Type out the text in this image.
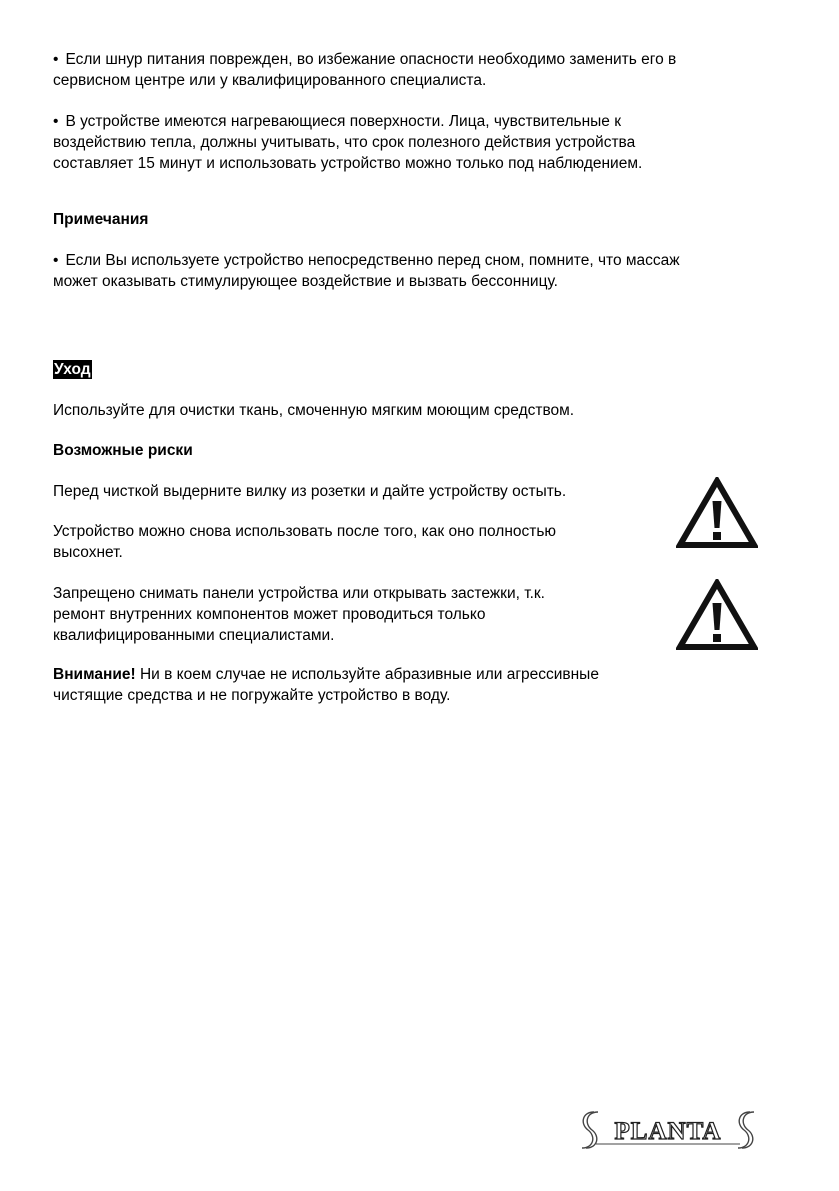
• Если шнур питания поврежден, во избежание опасности необходимо заменить его в

сервисном центре или у квалифицированного специалиста.

• В устройстве имеются нагревающиеся поверхности. Лица, чувствительные к

воздействию тепла, должны учитывать, что срок полезного действия устройства

составляет 15 минут и использовать устройство можно только под наблюдением.

Примечания

• Если Вы используете устройство непосредственно перед сном, помните, что массаж

может оказывать стимулирующее воздействие и вызвать бессонницу.

Уход

Используйте для очистки ткань, смоченную мягким моющим средством.

Возможные риски

Перед чисткой выдерните вилку из розетки и дайте устройству остыть.

Устройство можно снова использовать после того, как оно полностью

высохнет.

Запрещено снимать панели устройства или открывать застежки, т.к.

ремонт внутренних компонентов может проводиться только

квалифицированными специалистами.

Внимание! Ни в коем случае не используйте абразивные или агрессивные

чистящие средства и не погружайте устройство в воду.

PLANTA
